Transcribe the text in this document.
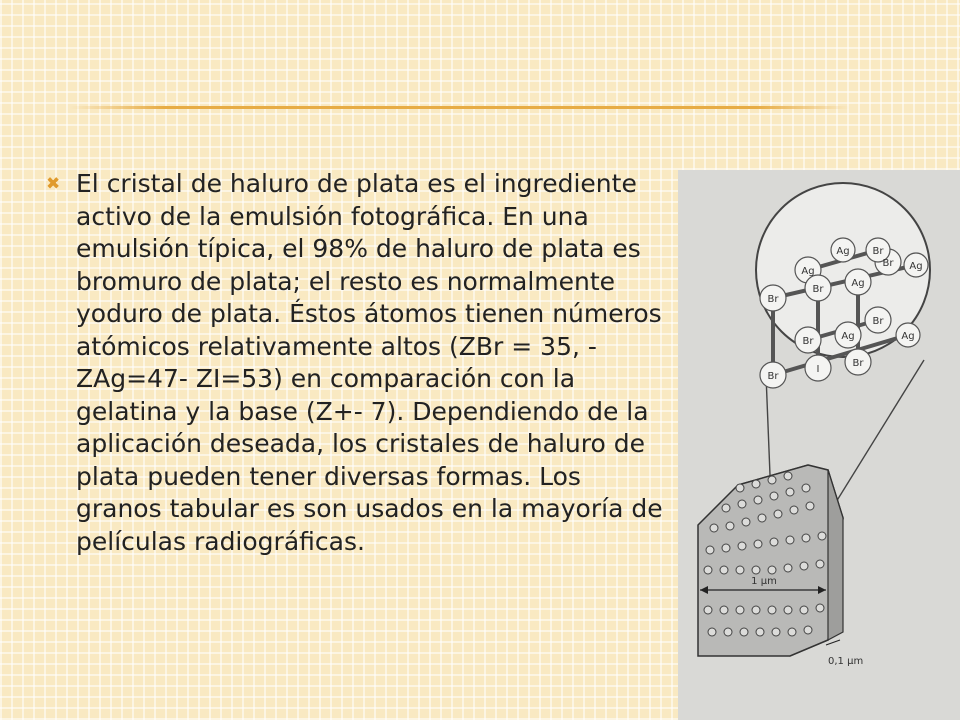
✖ El cristal de haluro de plata es el ingrediente activo de la emulsión fotográfica. En una emulsión típica, el 98% de haluro de plata es bromuro de plata; el resto es normalmente yoduro de plata. Éstos átomos tienen números atómicos relativamente altos (ZBr = 35, - ZAg=47- ZI=53) en comparación con la gelatina y la base (Z+- 7). Dependiendo de la aplicación deseada, los cristales de haluro de plata pueden tener diversas formas. Los granos tabular es son usados en la mayoría de películas radiográficas.

Br
Ag
Ag
Br
Ag
Br Ag
Br
Br	Ag
Br
Ag
Br
I
Br
1 μm
0,1 μm
